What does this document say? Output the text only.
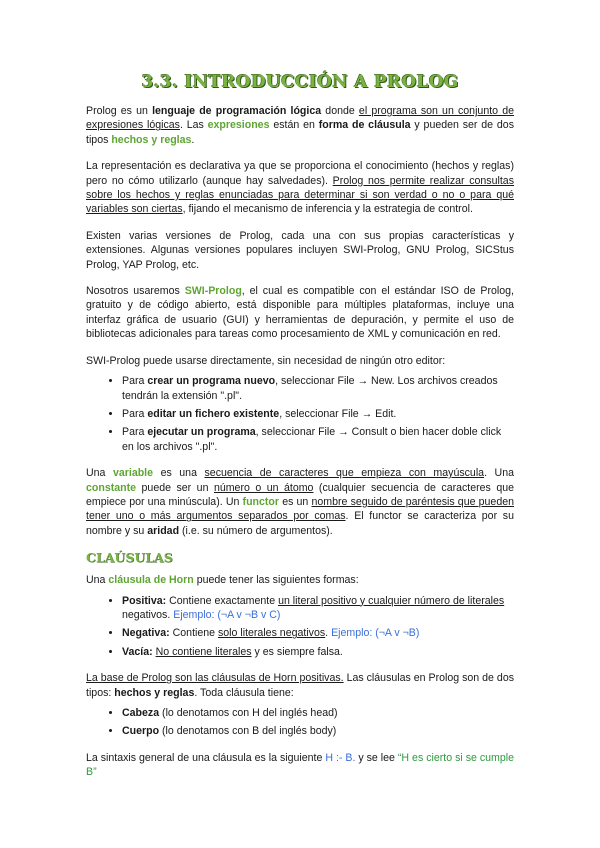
3.3. INTRODUCCIÓN A PROLOG

Prolog es un lenguaje de programación lógica donde el programa son un conjunto de expresiones lógicas. Las expresiones están en forma de cláusula y pueden ser de dos tipos hechos y reglas.

La representación es declarativa ya que se proporciona el conocimiento (hechos y reglas) pero no cómo utilizarlo (aunque hay salvedades). Prolog nos permite realizar consultas sobre los hechos y reglas enunciadas para determinar si son verdad o no o para qué variables son ciertas, fijando el mecanismo de inferencia y la estrategia de control.

Existen varias versiones de Prolog, cada una con sus propias características y extensiones. Algunas versiones populares incluyen SWI-Prolog, GNU Prolog, SICStus Prolog, YAP Prolog, etc.

Nosotros usaremos SWI-Prolog, el cual es compatible con el estándar ISO de Prolog, gratuito y de código abierto, está disponible para múltiples plataformas, incluye una interfaz gráfica de usuario (GUI) y herramientas de depuración, y permite el uso de bibliotecas adicionales para tareas como procesamiento de XML y comunicación en red.

SWI-Prolog puede usarse directamente, sin necesidad de ningún otro editor:

• Para crear un programa nuevo, seleccionar File → New. Los archivos creados tendrán la extensión ".pl".
• Para editar un fichero existente, seleccionar File → Edit.
• Para ejecutar un programa, seleccionar File → Consult o bien hacer doble click en los archivos ".pl".

Una variable es una secuencia de caracteres que empieza con mayúscula. Una constante puede ser un número o un átomo (cualquier secuencia de caracteres que empiece por una minúscula). Un functor es un nombre seguido de paréntesis que pueden tener uno o más argumentos separados por comas. El functor se caracteriza por su nombre y su aridad (i.e. su número de argumentos).

CLAÚSULAS

Una cláusula de Horn puede tener las siguientes formas:

• Positiva: Contiene exactamente un literal positivo y cualquier número de literales negativos. Ejemplo: (¬A v ¬B v C)
• Negativa: Contiene solo literales negativos. Ejemplo: (¬A v ¬B)
• Vacía: No contiene literales y es siempre falsa.

La base de Prolog son las cláusulas de Horn positivas. Las cláusulas en Prolog son de dos tipos: hechos y reglas. Toda cláusula tiene:

• Cabeza (lo denotamos con H del inglés head)
• Cuerpo (lo denotamos con B del inglés body)

La sintaxis general de una cláusula es la siguiente H :- B. y se lee “H es cierto si se cumple B”
